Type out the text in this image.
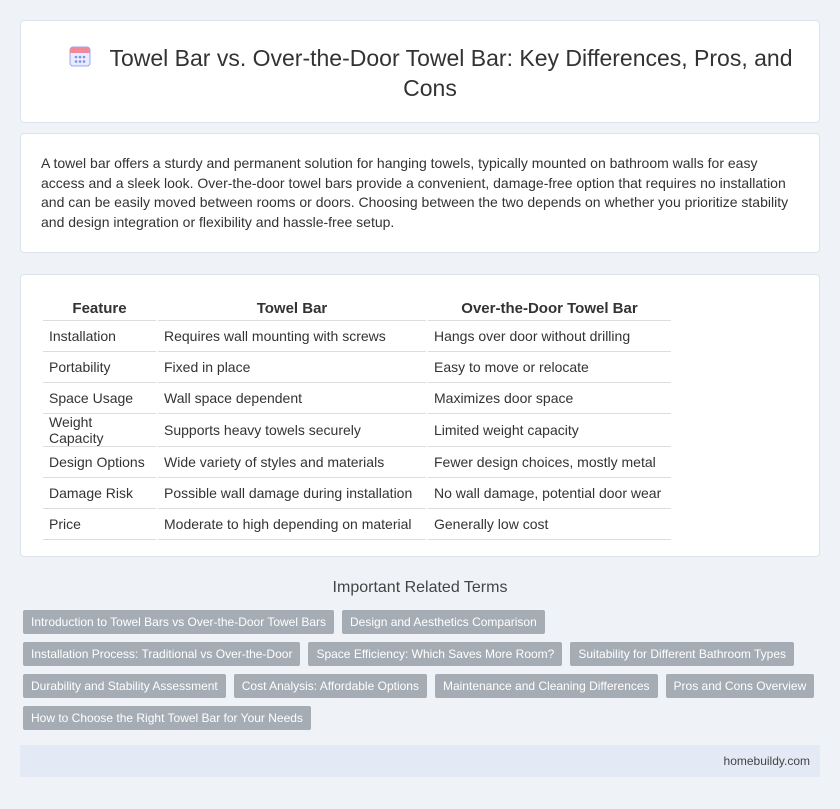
Towel Bar vs. Over-the-Door Towel Bar: Key Differences, Pros, and Cons

A towel bar offers a sturdy and permanent solution for hanging towels, typically mounted on bathroom walls for easy access and a sleek look. Over-the-door towel bars provide a convenient, damage-free option that requires no installation and can be easily moved between rooms or doors. Choosing between the two depends on whether you prioritize stability and design integration or flexibility and hassle-free setup.

Feature	Towel Bar	Over-the-Door Towel Bar
Installation	Requires wall mounting with screws	Hangs over door without drilling
Portability	Fixed in place	Easy to move or relocate
Space Usage	Wall space dependent	Maximizes door space
Weight Capacity	Supports heavy towels securely	Limited weight capacity
Design Options	Wide variety of styles and materials	Fewer design choices, mostly metal
Damage Risk	Possible wall damage during installation	No wall damage, potential door wear
Price	Moderate to high depending on material	Generally low cost
Important Related Terms
Introduction to Towel Bars vs Over-the-Door Towel Bars	Design and Aesthetics Comparison
Installation Process: Traditional vs Over-the-Door	Space Efficiency: Which Saves More Room?	Suitability for Different Bathroom Types
Durability and Stability Assessment	Cost Analysis: Affordable Options	Maintenance and Cleaning Differences	Pros and Cons Overview
How to Choose the Right Towel Bar for Your Needs
homebuildy.com
